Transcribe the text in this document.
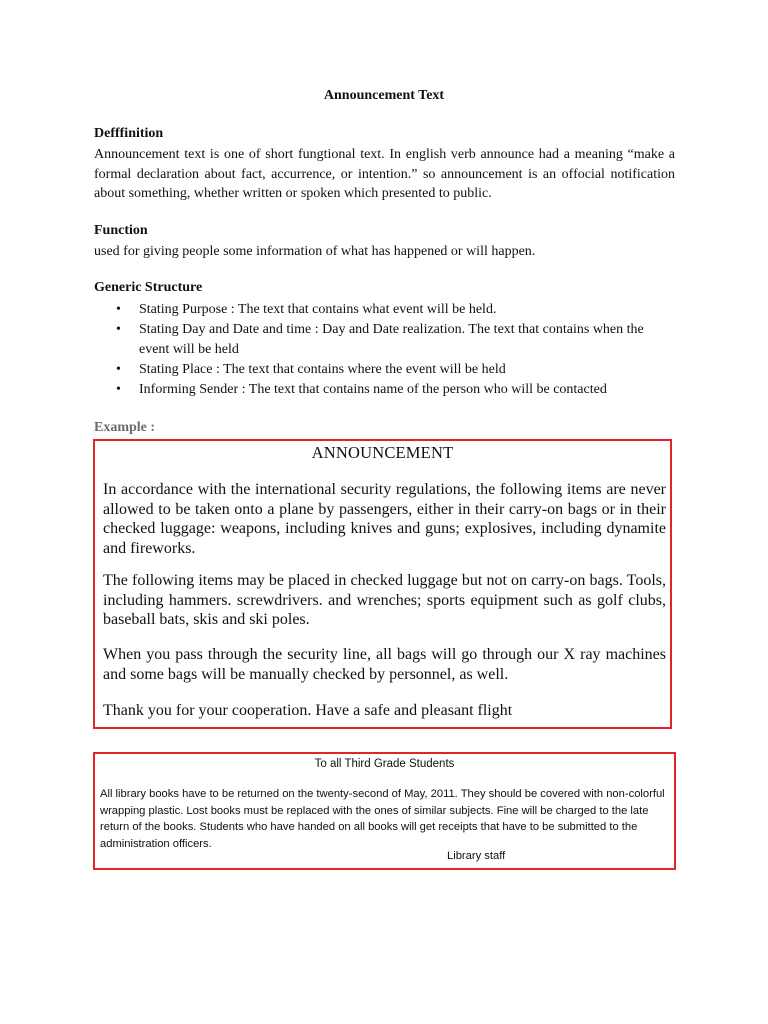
Announcement Text
Defffinition
Announcement text is one of short fungtional text. In english verb announce had a meaning “make a formal declaration about fact, accurrence, or intention.” so announcement is an offocial notification about something, whether written or spoken which presented to public.
Function
used for giving people some information of what has happened or will happen.
Generic Structure
• Stating Purpose : The text that contains what event will be held.
• Stating Day and Date and time : Day and Date realization. The text that contains when the event will be held
• Stating Place : The text that contains where the event will be held
• Informing Sender : The text that contains name of the person who will be contacted
Example :
ANNOUNCEMENT
In accordance with the international security regulations, the following items are never allowed to be taken onto a plane by passengers, either in their carry-on bags or in their checked luggage: weapons, including knives and guns; explosives, including dynamite and fireworks.
The following items may be placed in checked luggage but not on carry-on bags. Tools, including hammers. screwdrivers. and wrenches; sports equipment such as golf clubs, baseball bats, skis and ski poles.
When you pass through the security line, all bags will go through our X ray machines and some bags will be manually checked by personnel, as well.
Thank you for your cooperation. Have a safe and pleasant flight
To all Third Grade Students
All library books have to be returned on the twenty-second of May, 2011. They should be covered with non-colorful wrapping plastic. Lost books must be replaced with the ones of similar subjects. Fine will be charged to the late return of the books. Students who have handed on all books will get receipts that have to be submitted to the administration officers.
Library staff
